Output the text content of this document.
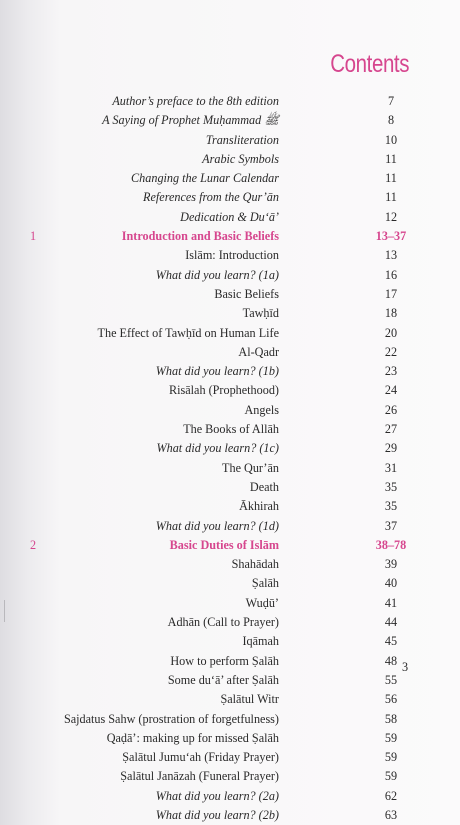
Contents
Author’s preface to the 8th edition	7
A Saying of Prophet Muḥammad ﷺ	8
Transliteration	10
Arabic Symbols	11
Changing the Lunar Calendar	11
References from the Qur’ān	11
Dedication & Du‘ā’	12
1	Introduction and Basic Beliefs	13–37
Islām: Introduction	13
What did you learn? (1a)	16
Basic Beliefs	17
Tawḥīd	18
The Effect of Tawḥīd on Human Life	20
Al-Qadr	22
What did you learn? (1b)	23
Risālah (Prophethood)	24
Angels	26
The Books of Allāh	27
What did you learn? (1c)	29
The Qur’ān	31
Death	35
Ākhirah	35
What did you learn? (1d)	37
2	Basic Duties of Islām	38–78
Shahādah	39
Ṣalāh	40
Wuḍū’	41
Adhān (Call to Prayer)	44
Iqāmah	45
How to perform Ṣalāh	48
Some du‘ā’ after Ṣalāh	55
Ṣalātul Witr	56
Sajdatus Sahw (prostration of forgetfulness)	58
Qaḍā’: making up for missed Ṣalāh	59
Ṣalātul Jumu‘ah (Friday Prayer)	59
Ṣalātul Janāzah (Funeral Prayer)	59
What did you learn? (2a)	62
What did you learn? (2b)	63
3
